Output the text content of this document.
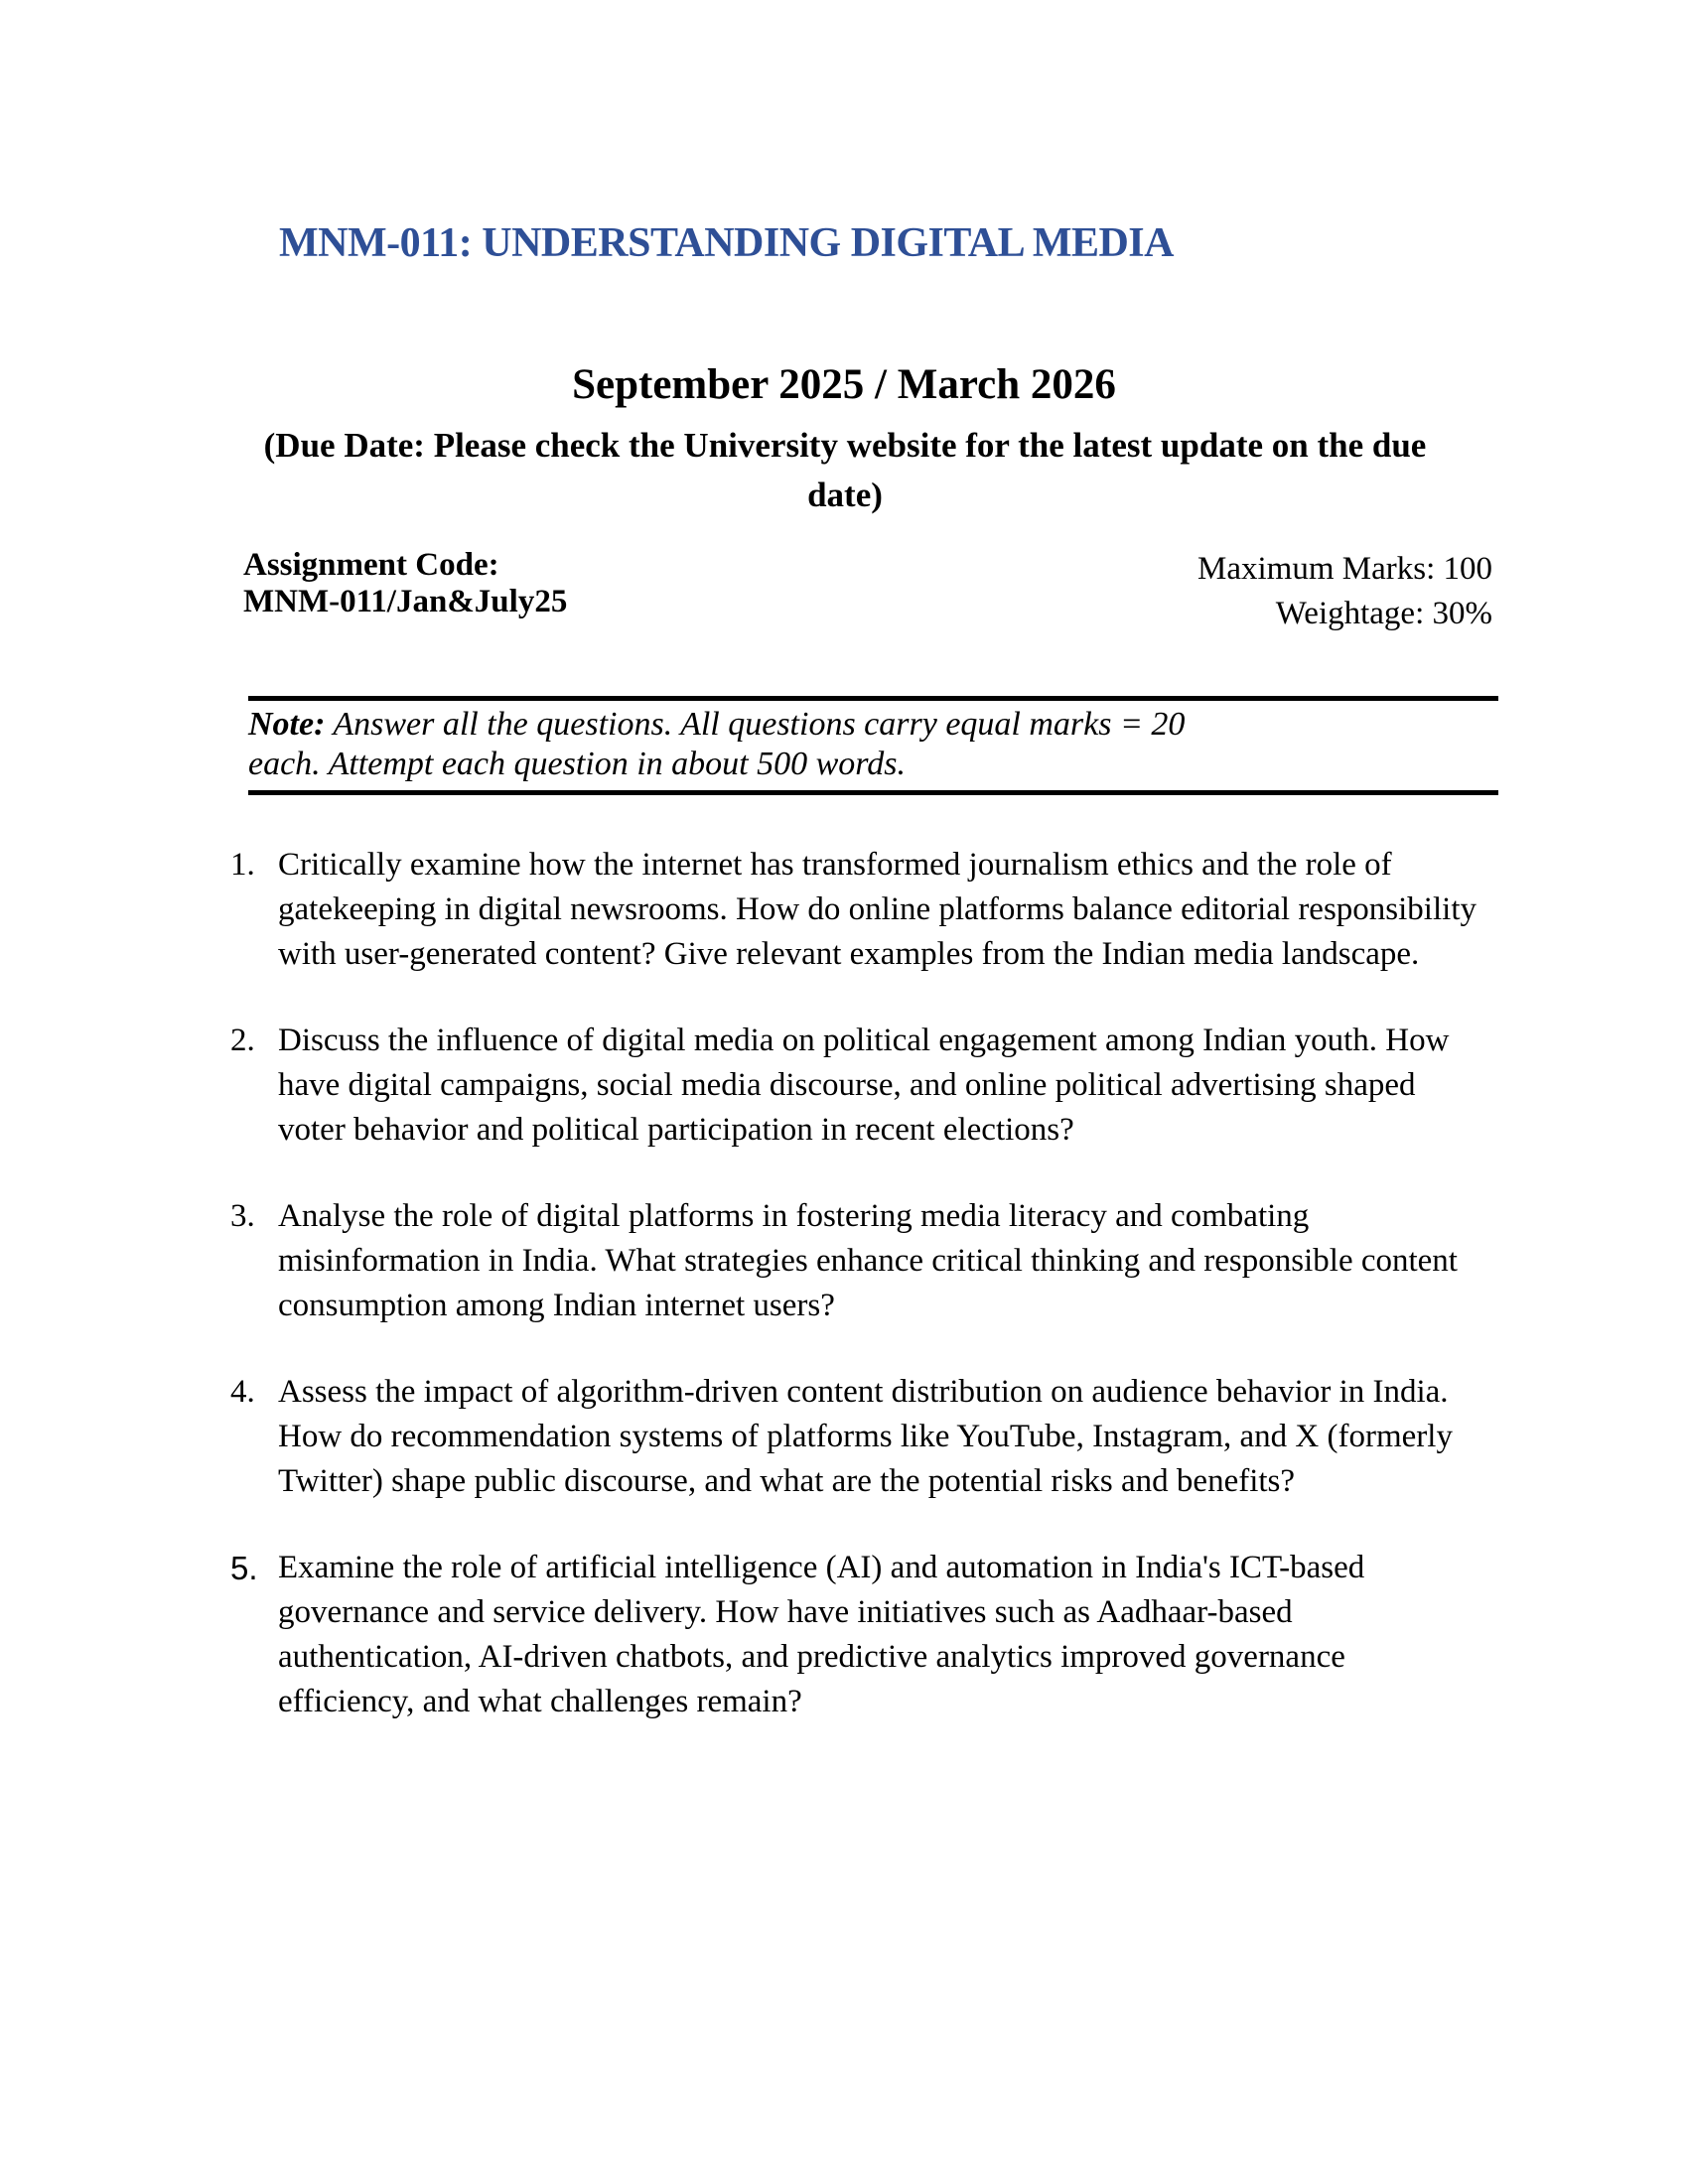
MNM-011: UNDERSTANDING DIGITAL MEDIA
September 2025 / March 2026
(Due Date: Please check the University website for the latest update on the due date)
Assignment Code:
MNM-011/Jan&July25
Maximum Marks: 100
Weightage: 30%
Note: Answer all the questions. All questions carry equal marks = 20
each. Attempt each question in about 500 words.
1. Critically examine how the internet has transformed journalism ethics and the role of gatekeeping in digital newsrooms. How do online platforms balance editorial responsibility with user-generated content? Give relevant examples from the Indian media landscape.
2. Discuss the influence of digital media on political engagement among Indian youth. How have digital campaigns, social media discourse, and online political advertising shaped voter behavior and political participation in recent elections?
3. Analyse the role of digital platforms in fostering media literacy and combating misinformation in India. What strategies enhance critical thinking and responsible content consumption among Indian internet users?
4. Assess the impact of algorithm-driven content distribution on audience behavior in India. How do recommendation systems of platforms like YouTube, Instagram, and X (formerly Twitter) shape public discourse, and what are the potential risks and benefits?
5. Examine the role of artificial intelligence (AI) and automation in India's ICT-based governance and service delivery. How have initiatives such as Aadhaar-based authentication, AI-driven chatbots, and predictive analytics improved governance efficiency, and what challenges remain?
